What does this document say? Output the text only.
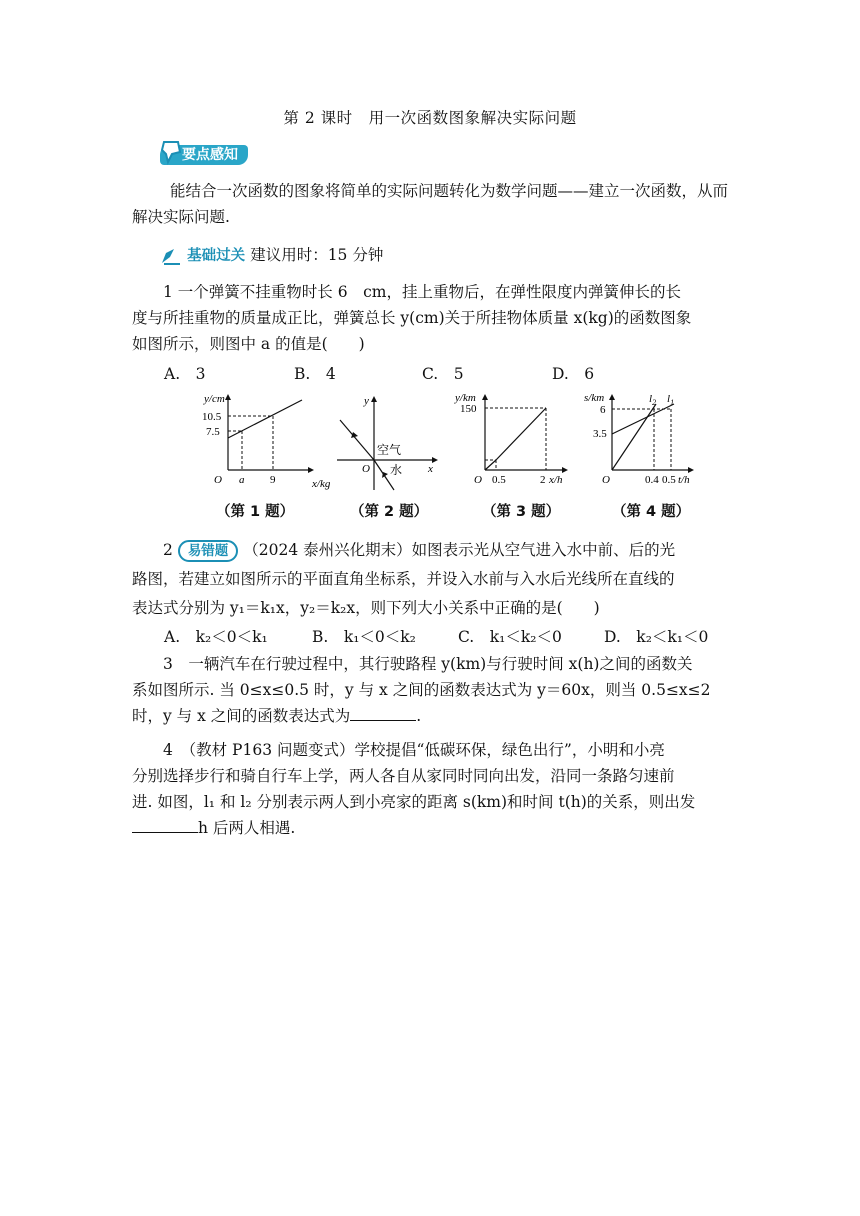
第 2 课时　用一次函数图象解决实际问题
要点感知
能结合一次函数的图象将简单的实际问题转化为数学问题——建立一次函数，从而解决实际问题.
基础过关 建议用时：15 分钟
1 一个弹簧不挂重物时长 6　cm，挂上重物后，在弹性限度内弹簧伸长的长
度与所挂重物的质量成正比，弹簧总长 y(cm)关于所挂物体质量 x(kg)的函数图象
如图所示，则图中 a 的值是(　　)
A.　3	B.　4	C.　5	D.　6
y/cm
x/kg
O
10.5
7.5
a 9
y
x
O
空气
水
y/km
x/h
O
150
0.5	2
s/km
t/h
O
6
3.5
0.4 0.5
$l_2$ $l_1$
（第 1 题）	（第 2 题）	（第 3 题）	（第 4 题）
2 易错题 （2024 泰州兴化期末）如图表示光从空气进入水中前、后的光
路图，若建立如图所示的平面直角坐标系，并设入水前与入水后光线所在直线的
表达式分别为 y₁＝k₁x，y₂＝k₂x，则下列大小关系中正确的是(　　)
A.　k₂＜0＜k₁	B.　k₁＜0＜k₂	C.　k₁＜k₂＜0	D.　k₂＜k₁＜0
3　一辆汽车在行驶过程中，其行驶路程 y(km)与行驶时间 x(h)之间的函数关
系如图所示. 当 0≤x≤0.5 时，y 与 x 之间的函数表达式为 y＝60x，则当 0.5≤x≤2
时，y 与 x 之间的函数表达式为	.
4　（教材 P163 问题变式）学校提倡“低碳环保，绿色出行”，小明和小亮
分别选择步行和骑自行车上学，两人各自从家同时同向出发，沿同一条路匀速前
进. 如图，l₁ 和 l₂ 分别表示两人到小亮家的距离 s(km)和时间 t(h)的关系，则出发
h 后两人相遇.
